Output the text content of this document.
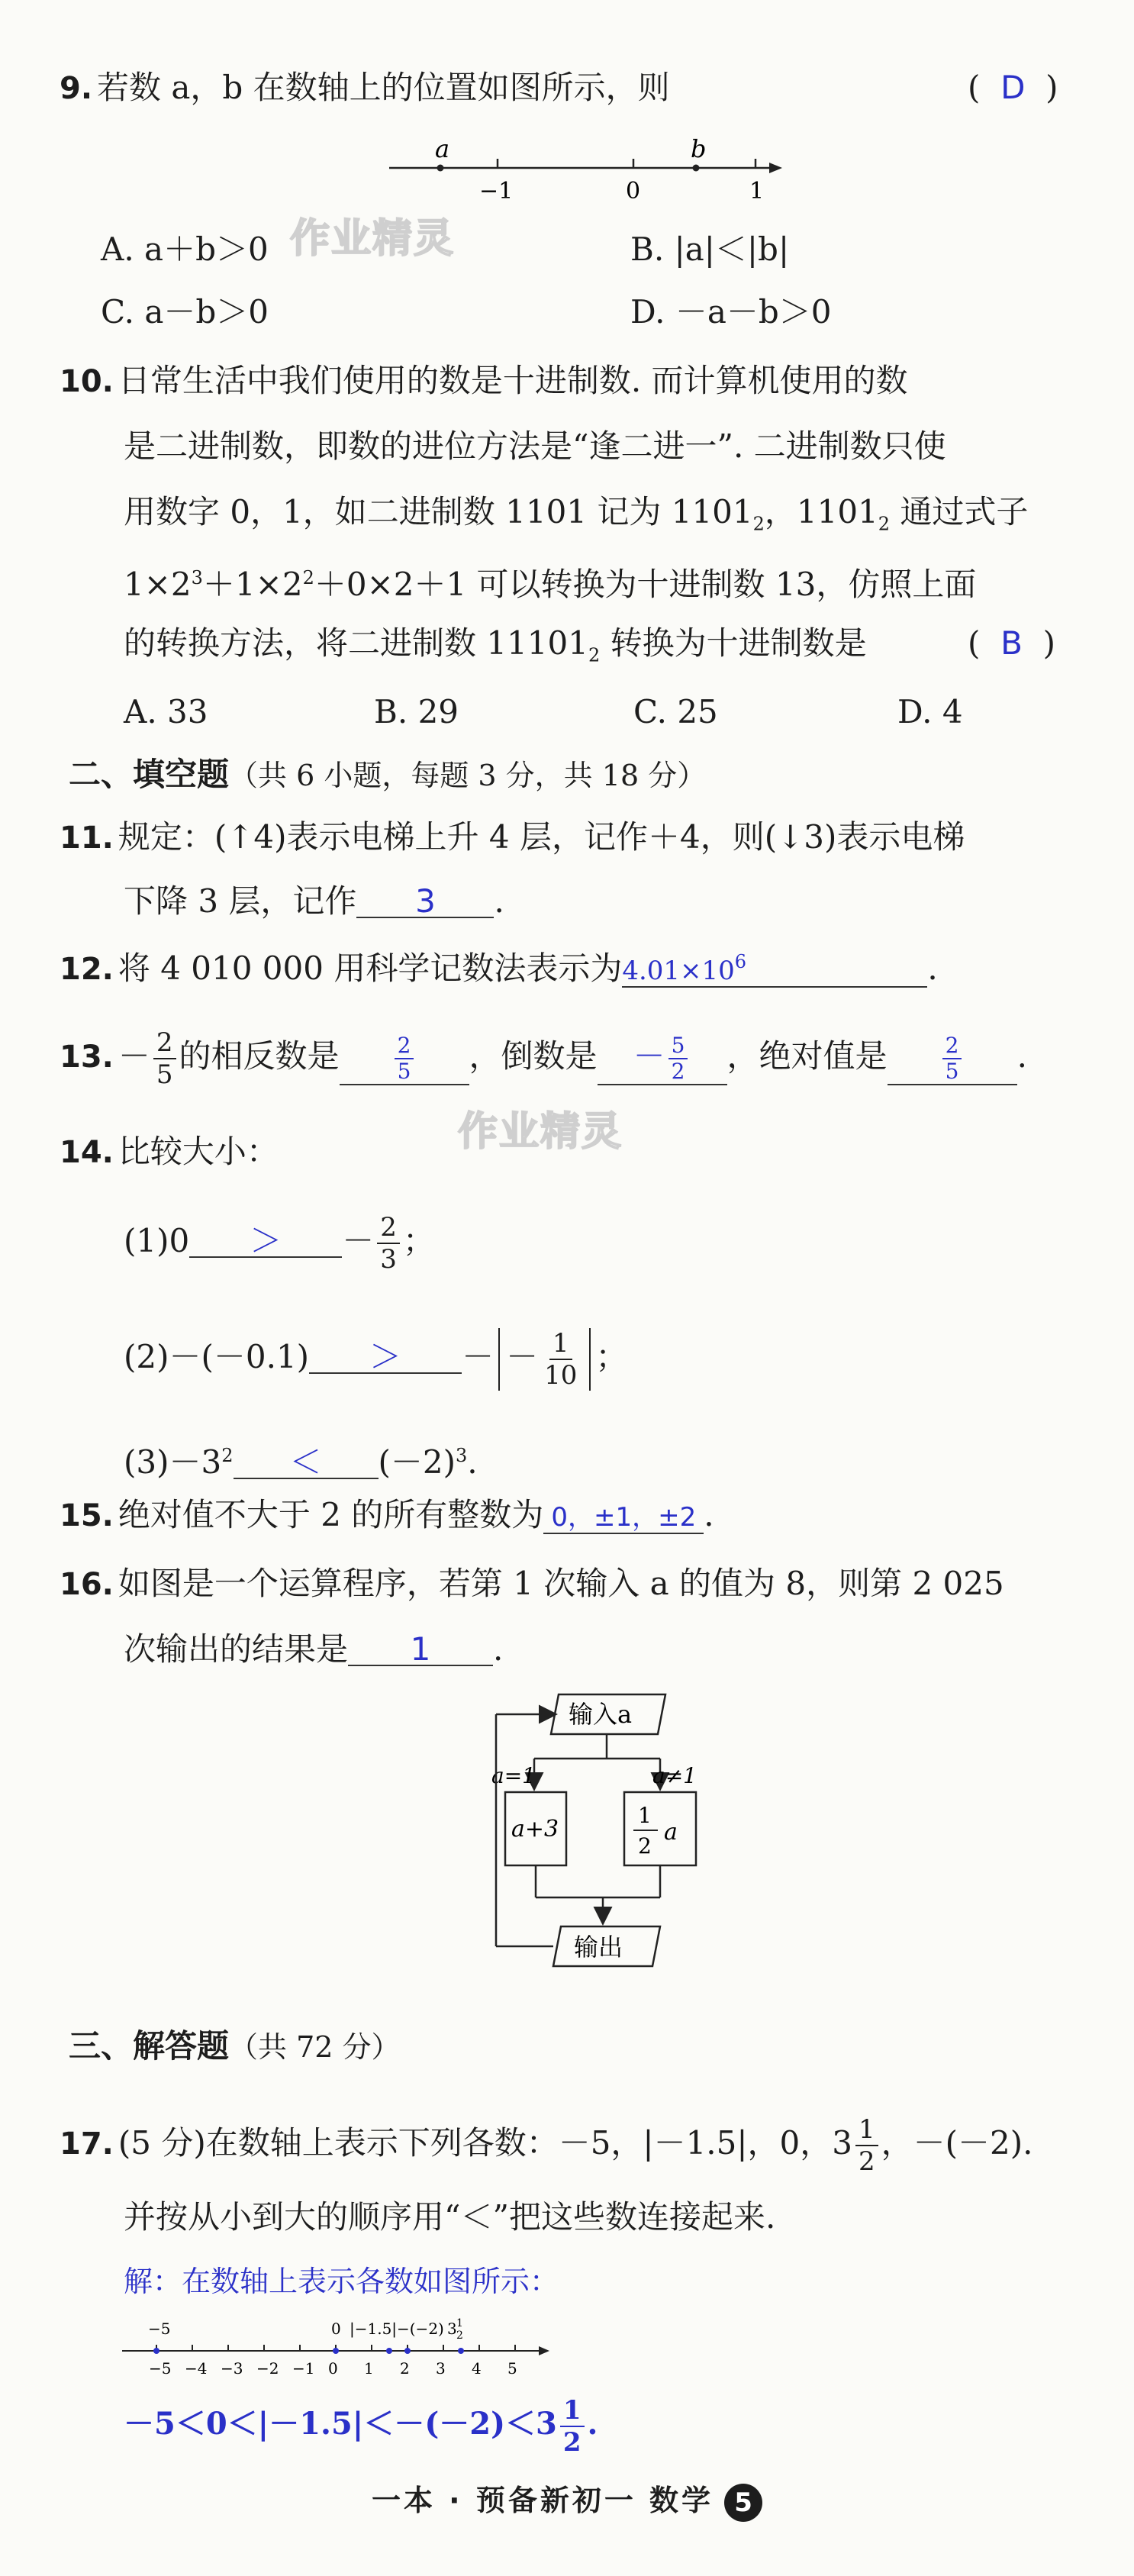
9. 若数 a，b 在数轴上的位置如图所示，则	(  D  )
a	b
−1	0	1
A. a＋b＞0 作业精灵	B. |a|＜|b|
C. a－b＞0	D. －a－b＞0
10. 日常生活中我们使用的数是十进制数. 而计算机使用的数
是二进制数，即数的进位方法是“逢二进一”. 二进制数只使
用数字 0，1，如二进制数 1101 记为 $1101_2$，$1101_2$ 通过式子
$1\times 2^3+1\times 2^2+0\times 2+1$ 可以转换为十进制数 13，仿照上面
的转换方法，将二进制数 $11101_2$ 转换为十进制数是	(  B  )
A. 33	B. 29	C. 25	D. 4
二、填空题（共 6 小题，每题 3 分，共 18 分）
11. 规定：(↑4)表示电梯上升 4 层，记作＋4，则(↓3)表示电梯
下降 3 层，记作 3 .
12. 将 4 010 000 用科学记数法表示为$4.01\times 10^6$	.
13. － $\frac{2}{5}$ 的相反数是	$\frac{2}{5}$ ，倒数是 － $\frac{5}{2}$ ，绝对值是	$\frac{2}{5}$ .
14. 比较大小：	作业精灵
(1)0 ＞ － $\frac{2}{3}$ ；
(2)－(－0.1) ＞ － － $\frac{1}{10}$ ；
$(3)-3^2 < (-2)^3$.
15. 绝对值不大于 2 的所有整数为 0，±1，±2 .
16. 如图是一个运算程序，若第 1 次输入 a 的值为 8，则第 2 025
次输出的结果是 1 .
输入a
a=1	a≠1
a+3
1
2
a
输出
三、解答题（共 72 分）
17. (5 分)在数轴上表示下列各数：－5，|－1.5|，0，$3 \frac{1}{2}$ ，－(－2).
并按从小到大的顺序用“＜”把这些数连接起来.
解：在数轴上表示各数如图所示：
−5 −4 −3 −2 −1 0 1 2 3 4 5
−5	0 |−1.5| −(−2) 3 1
2
$-5<0<|-1.5|<-(-2)<3 \frac{1}{2}$ .
一本 · 预备新初一 数学 5
